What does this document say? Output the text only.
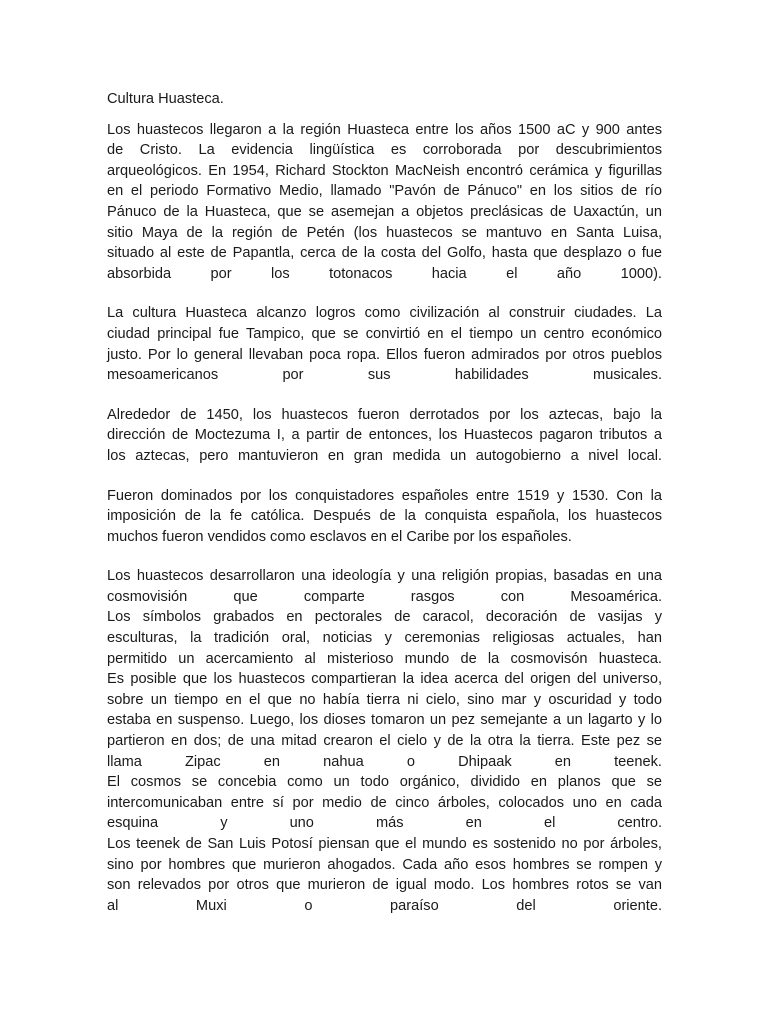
Cultura Huasteca.

Los huastecos llegaron a la región Huasteca entre los años 1500 aC y 900 antes
de Cristo. La evidencia lingüística es corroborada por descubrimientos
arqueológicos. En 1954, Richard Stockton MacNeish encontró cerámica y figurillas
en el periodo Formativo Medio, llamado "Pavón de Pánuco" en los sitios de río
Pánuco de la Huasteca, que se asemejan a objetos preclásicas de Uaxactún, un
sitio Maya de la región de Petén (los huastecos se mantuvo en Santa Luisa,
situado al este de Papantla, cerca de la costa del Golfo, hasta que desplazo o fue
absorbida por los totonacos hacia el año 1000).
La cultura Huasteca alcanzo logros como civilización al construir ciudades. La
ciudad principal fue Tampico, que se convirtió en el tiempo un centro económico
justo. Por lo general llevaban poca ropa. Ellos fueron admirados por otros pueblos
mesoamericanos por sus habilidades musicales.
Alrededor de 1450, los huastecos fueron derrotados por los aztecas, bajo la
dirección de Moctezuma I, a partir de entonces, los Huastecos pagaron tributos a
los aztecas, pero mantuvieron en gran medida un autogobierno a nivel local.
Fueron dominados por los conquistadores españoles entre 1519 y 1530. Con la
imposición de la fe católica. Después de la conquista española, los huastecos
muchos fueron vendidos como esclavos en el Caribe por los españoles.
Los huastecos desarrollaron una ideología y una religión propias, basadas en una
cosmovisión que comparte rasgos con Mesoamérica.
Los símbolos grabados en pectorales de caracol, decoración de vasijas y
esculturas, la tradición oral, noticias y ceremonias religiosas actuales, han
permitido un acercamiento al misterioso mundo de la cosmovisón huasteca.
Es posible que los huastecos compartieran la idea acerca del origen del universo,
sobre un tiempo en el que no había tierra ni cielo, sino mar y oscuridad y todo
estaba en suspenso. Luego, los dioses tomaron un pez semejante a un lagarto y lo
partieron en dos; de una mitad crearon el cielo y de la otra la tierra. Este pez se
llama Zipac en nahua o Dhipaak en teenek.
El cosmos se concebia como un todo orgánico, dividido en planos que se
intercomunicaban entre sí por medio de cinco árboles, colocados uno en cada
esquina y uno más en el centro.
Los teenek de San Luis Potosí piensan que el mundo es sostenido no por árboles,
sino por hombres que murieron ahogados. Cada año esos hombres se rompen y
son relevados por otros que murieron de igual modo. Los hombres rotos se van
al Muxi o paraíso del oriente.
